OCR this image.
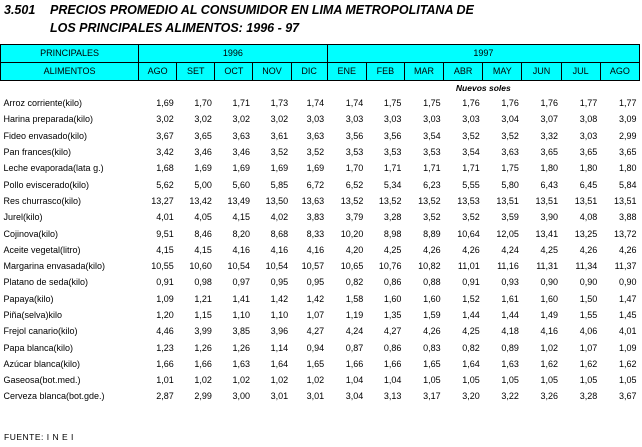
3.501 PRECIOS PROMEDIO AL CONSUMIDOR EN LIMA METROPOLITANA DE
LOS PRINCIPALES ALIMENTOS: 1996 - 97
PRINCIPALES	1996					1997							
ALIMENTOS	AGO	SET	OCT	NOV	DIC	ENE	FEB	MAR	ABR	MAY	JUN	JUL	AGO
						Nuevos soles							
Arroz corriente(kilo)	1,69	1,70	1,71	1,73	1,74	1,74	1,75	1,75	1,76	1,76	1,76	1,77	1,77
Harina preparada(kilo)	3,02	3,02	3,02	3,02	3,03	3,03	3,03	3,03	3,03	3,04	3,07	3,08	3,09
Fideo envasado(kilo)	3,67	3,65	3,63	3,61	3,63	3,56	3,56	3,54	3,52	3,52	3,32	3,03	2,99
Pan frances(kilo)	3,42	3,46	3,46	3,52	3,52	3,53	3,53	3,53	3,54	3,63	3,65	3,65	3,65
Leche evaporada(lata g.)	1,68	1,69	1,69	1,69	1,69	1,70	1,71	1,71	1,71	1,75	1,80	1,80	1,80
Pollo eviscerado(kilo)	5,62	5,00	5,60	5,85	6,72	6,52	5,34	6,23	5,55	5,80	6,43	6,45	5,84
Res churrasco(kilo)	13,27	13,42	13,49	13,50	13,63	13,52	13,52	13,52	13,53	13,51	13,51	13,51	13,51
Jurel(kilo)	4,01	4,05	4,15	4,02	3,83	3,79	3,28	3,52	3,52	3,59	3,90	4,08	3,88
Cojinova(kilo)	9,51	8,46	8,20	8,68	8,33	10,20	8,98	8,89	10,64	12,05	13,41	13,25	13,72
Aceite vegetal(litro)	4,15	4,15	4,16	4,16	4,16	4,20	4,25	4,26	4,26	4,24	4,25	4,26	4,26
Margarina envasada(kilo)	10,55	10,60	10,54	10,54	10,57	10,65	10,76	10,82	11,01	11,16	11,31	11,34	11,37
Platano de seda(kilo)	0,91	0,98	0,97	0,95	0,95	0,82	0,86	0,88	0,91	0,93	0,90	0,90	0,90
Papaya(kilo)	1,09	1,21	1,41	1,42	1,42	1,58	1,60	1,60	1,52	1,61	1,60	1,50	1,47
Piña(selva)kilo	1,20	1,15	1,10	1,10	1,07	1,19	1,35	1,59	1,44	1,44	1,49	1,55	1,45
Frejol canario(kilo)	4,46	3,99	3,85	3,96	4,27	4,24	4,27	4,26	4,25	4,18	4,16	4,06	4,01
Papa blanca(kilo)	1,23	1,26	1,26	1,14	0,94	0,87	0,86	0,83	0,82	0,89	1,02	1,07	1,09
Azúcar blanca(kilo)	1,66	1,66	1,63	1,64	1,65	1,66	1,66	1,65	1,64	1,63	1,62	1,62	1,62
Gaseosa(bot.med.)	1,01	1,02	1,02	1,02	1,02	1,04	1,04	1,05	1,05	1,05	1,05	1,05	1,05
Cerveza blanca(bot.gde.)	2,87	2,99	3,00	3,01	3,01	3,04	3,13	3,17	3,20	3,22	3,26	3,28	3,67
FUENTE: I N E I
